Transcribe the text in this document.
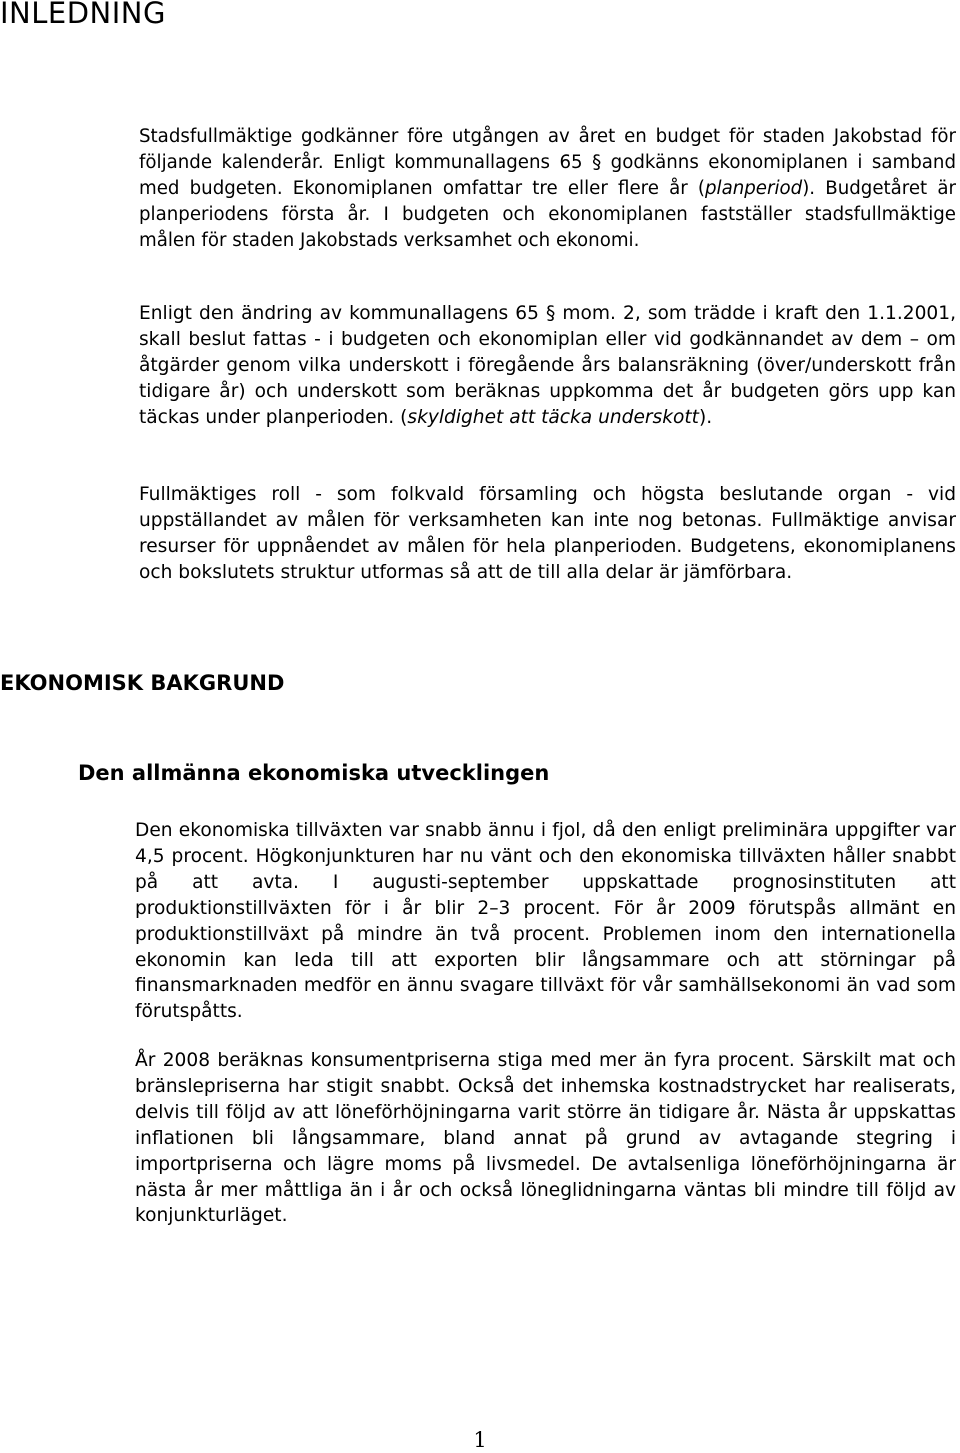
INLEDNING

Stadsfullmäktige godkänner före utgången av året en budget för staden Jakobstad för följande kalenderår. Enligt kommunallagens 65 § godkänns ekonomiplanen i samband med budgeten. Ekonomiplanen omfattar tre eller flere år (planperiod). Budgetåret är planperiodens första år. I budgeten och ekonomiplanen fastställer stadsfullmäktige målen för staden Jakobstads verksamhet och ekonomi.

Enligt den ändring av kommunallagens 65 § mom. 2, som trädde i kraft den 1.1.2001, skall beslut fattas - i budgeten och ekonomiplan eller vid godkännandet av dem – om åtgärder genom vilka underskott i föregående års balansräkning (över/underskott från tidigare år) och underskott som beräknas uppkomma det år budgeten görs upp kan täckas under planperioden. (skyldighet att täcka underskott).

Fullmäktiges roll - som folkvald församling och högsta beslutande organ - vid uppställandet av målen för verksamheten kan inte nog betonas. Fullmäktige anvisar resurser för uppnåendet av målen för hela planperioden. Budgetens, ekonomiplanens och bokslutets struktur utformas så att de till alla delar är jämförbara.

EKONOMISK BAKGRUND
Den allmänna ekonomiska utvecklingen

Den ekonomiska tillväxten var snabb ännu i fjol, då den enligt preliminära uppgifter var 4,5 procent. Högkonjunkturen har nu vänt och den ekonomiska tillväxten håller snabbt på att avta. I augusti-september uppskattade prognosinstituten att produktionstillväxten för i år blir 2–3 procent. För år 2009 förutspås allmänt en produktionstillväxt på mindre än två procent. Problemen inom den internationella ekonomin kan leda till att exporten blir långsammare och att störningar på finansmarknaden medför en ännu svagare tillväxt för vår samhällsekonomi än vad som förutspåtts.

År 2008 beräknas konsumentpriserna stiga med mer än fyra procent. Särskilt mat och bränslepriserna har stigit snabbt. Också det inhemska kostnadstrycket har realiserats, delvis till följd av att löneförhöjningarna varit större än tidigare år. Nästa år uppskattas inflationen bli långsammare, bland annat på grund av avtagande stegring i importpriserna och lägre moms på livsmedel. De avtalsenliga löneförhöjningarna är nästa år mer måttliga än i år och också löneglidningarna väntas bli mindre till följd av konjunkturläget.

1
